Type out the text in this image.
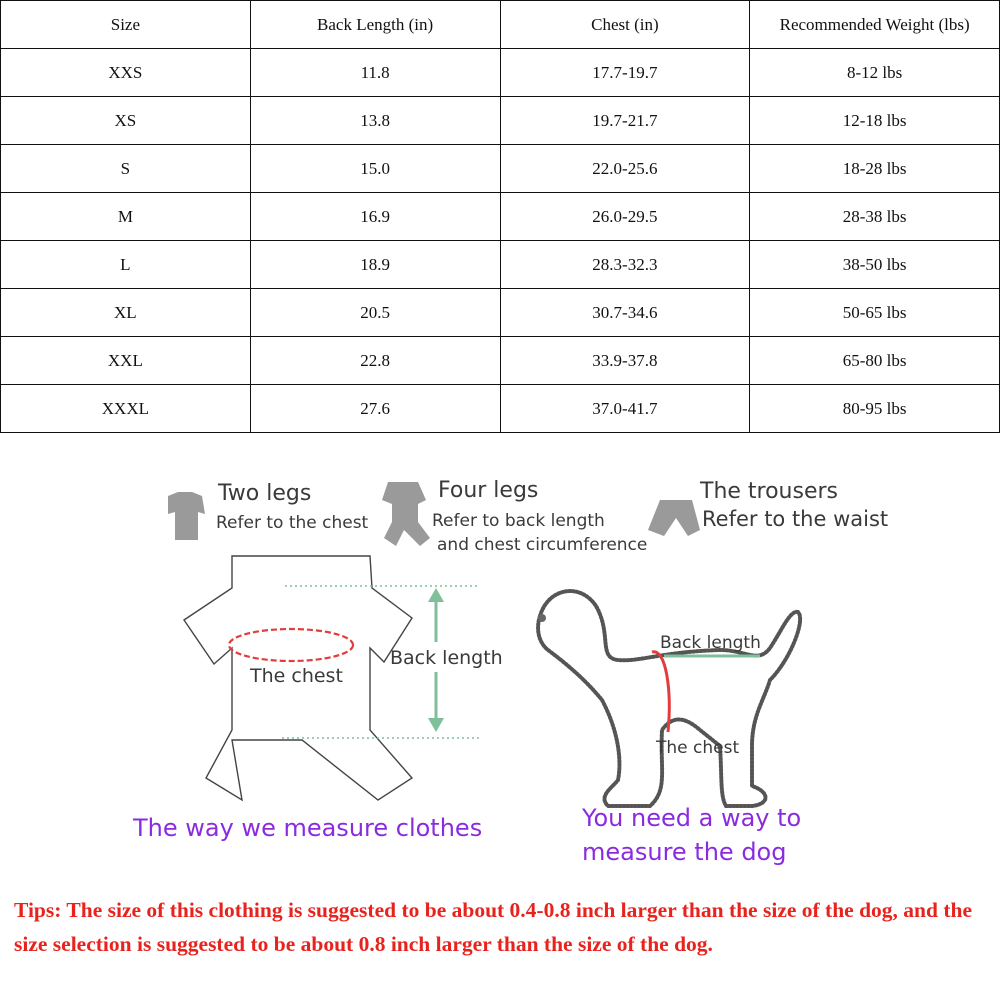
Size	Back Length (in)	Chest (in)	Recommended Weight (lbs)
XXS	11.8	17.7-19.7	8-12 lbs
XS	13.8	19.7-21.7	12-18 lbs
S	15.0	22.0-25.6	18-28 lbs
M	16.9	26.0-29.5	28-38 lbs
L	18.9	28.3-32.3	38-50 lbs
XL	20.5	30.7-34.6	50-65 lbs
XXL	22.8	33.9-37.8	65-80 lbs
XXXL	27.6	37.0-41.7	80-95 lbs
Two legs
Refer to the chest
Four legs
Refer to back length
and chest circumference
The trousers
Refer to the waist
The chest
Back length
The way we measure clothes
Back length
The chest
You need a way to
measure the dog

Tips: The size of this clothing is suggested to be about 0.4-0.8 inch larger than the size of the dog, and the size selection is suggested to be about 0.8 inch larger than the size of the dog.
